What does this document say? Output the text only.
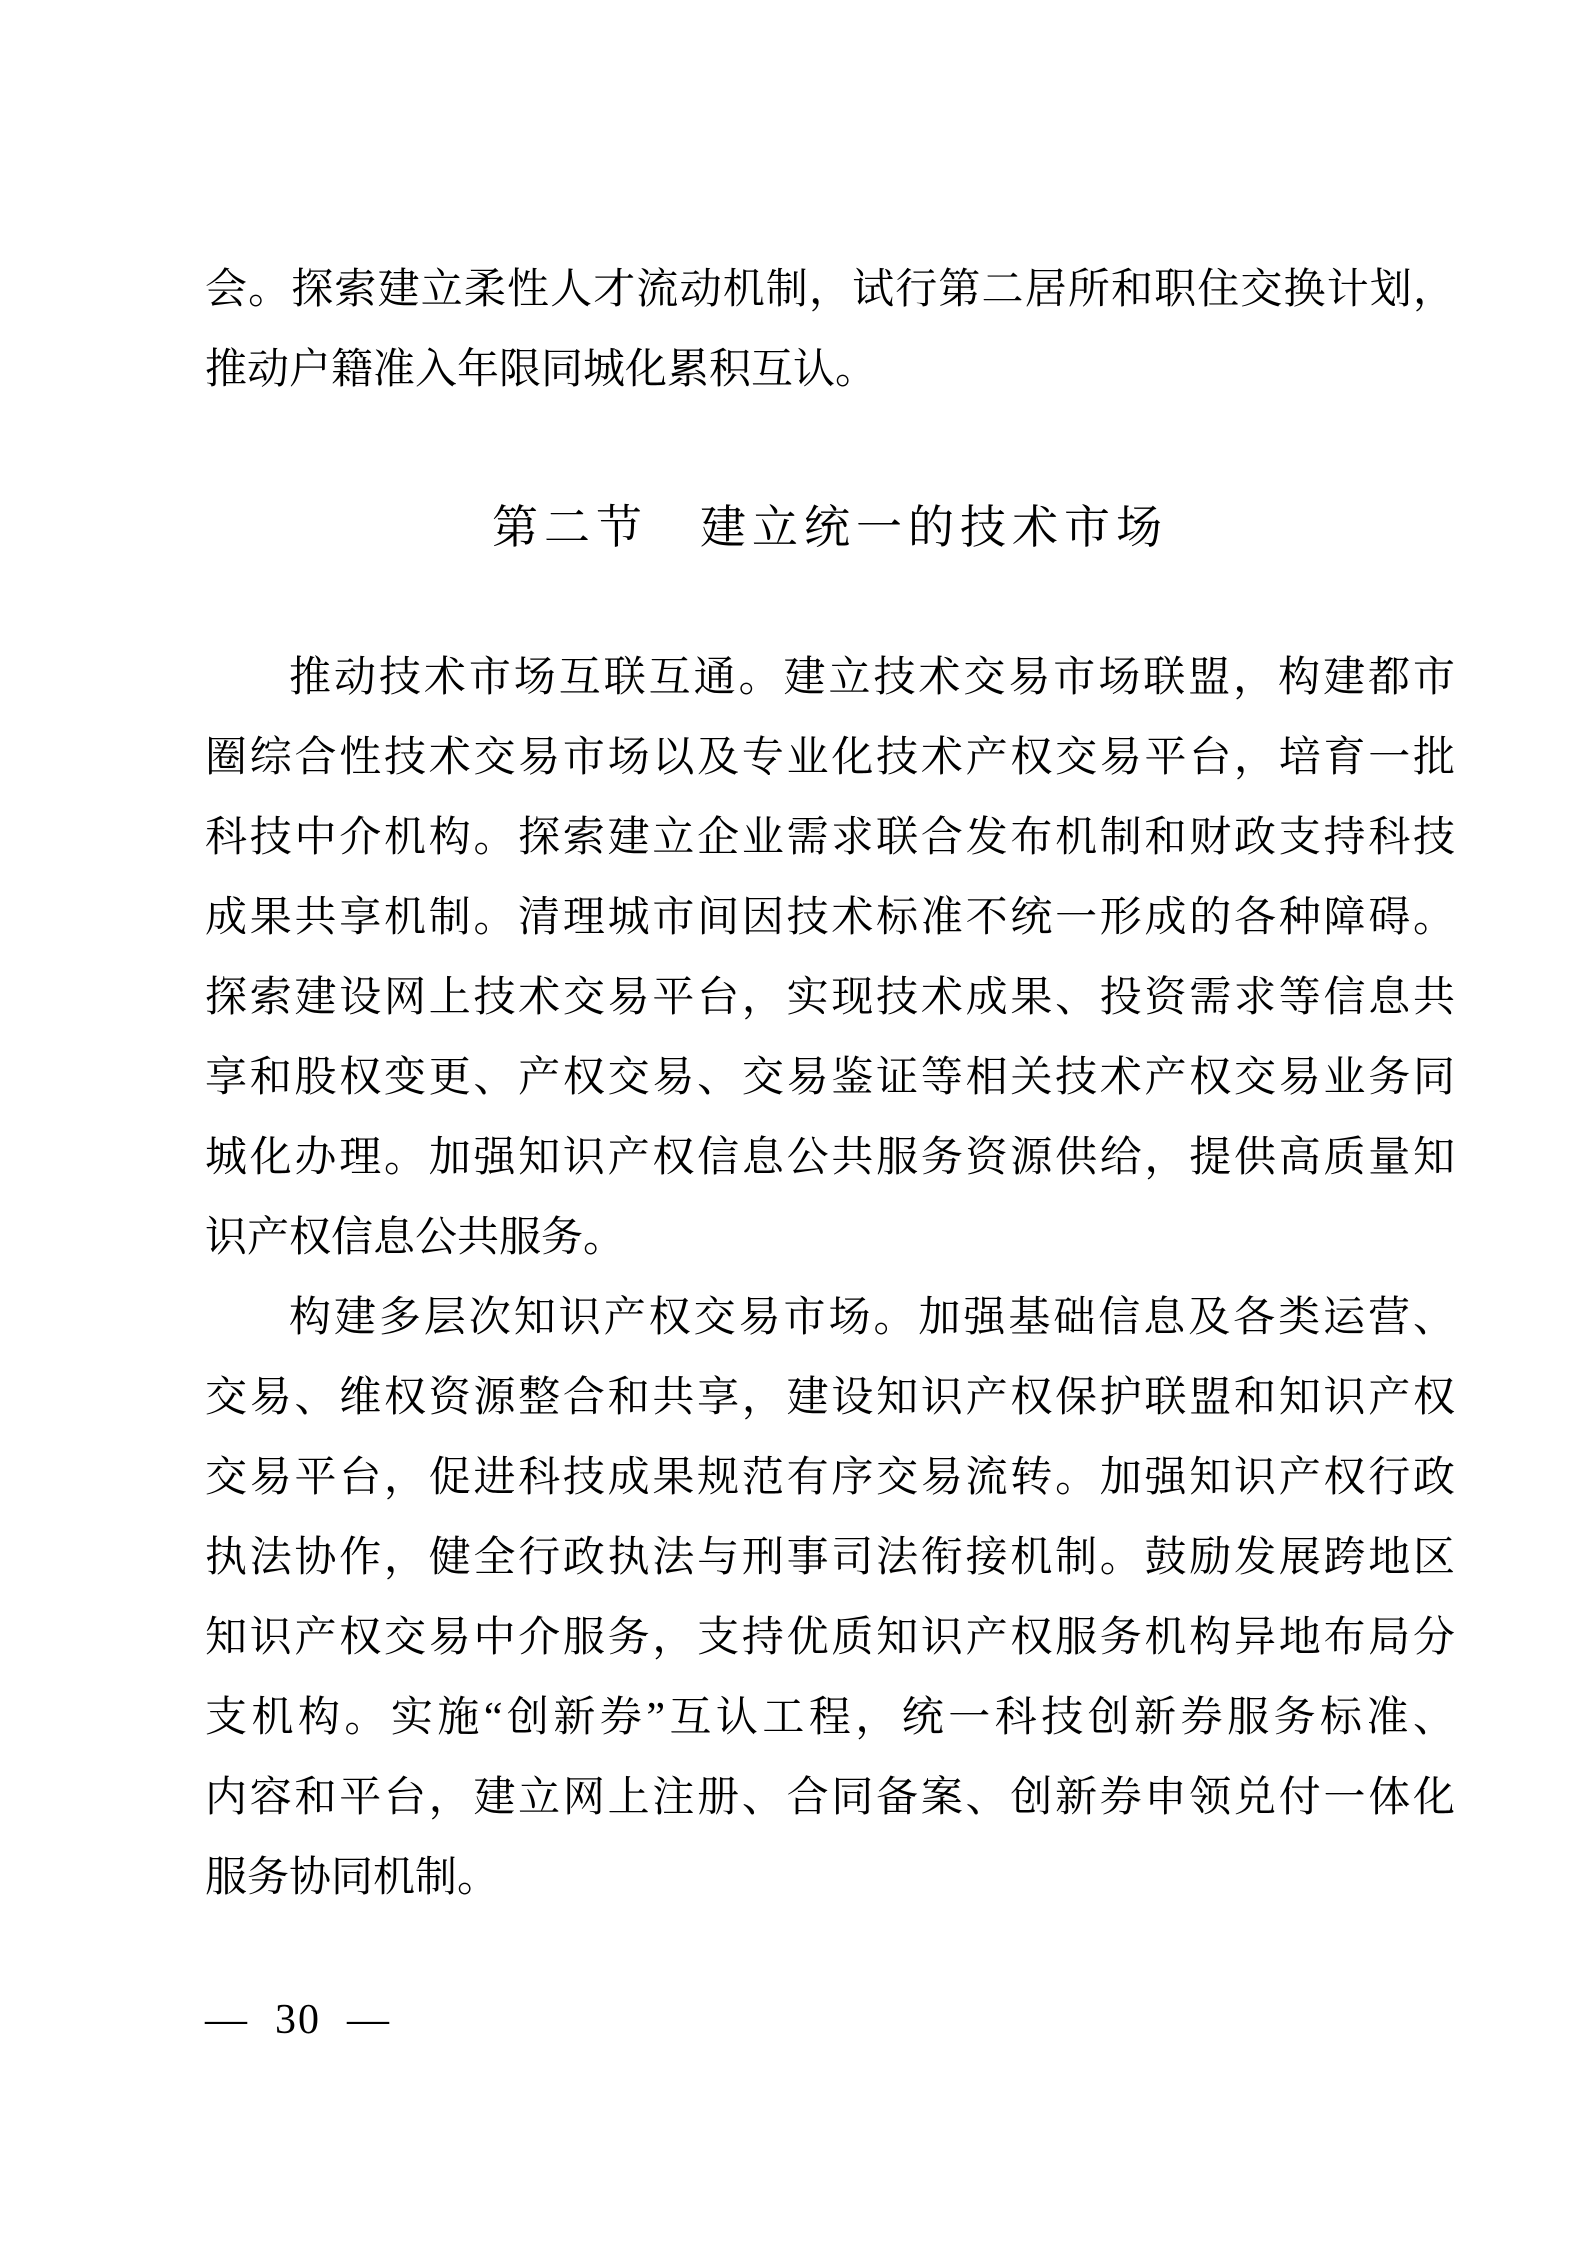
会。探索建立柔性人才流动机制，试行第二居所和职住交换计划，
推动户籍准入年限同城化累积互认。
第二节 建立统一的技术市场
推动技术市场互联互通。建立技术交易市场联盟，构建都市
圈综合性技术交易市场以及专业化技术产权交易平台，培育一批
科技中介机构。探索建立企业需求联合发布机制和财政支持科技
成果共享机制。清理城市间因技术标准不统一形成的各种障碍。
探索建设网上技术交易平台，实现技术成果、投资需求等信息共
享和股权变更、产权交易、交易鉴证等相关技术产权交易业务同
城化办理。加强知识产权信息公共服务资源供给，提供高质量知
识产权信息公共服务。
构建多层次知识产权交易市场。加强基础信息及各类运营、
交易、维权资源整合和共享，建设知识产权保护联盟和知识产权
交易平台，促进科技成果规范有序交易流转。加强知识产权行政
执法协作，健全行政执法与刑事司法衔接机制。鼓励发展跨地区
知识产权交易中介服务，支持优质知识产权服务机构异地布局分
支机构。实施“创新券”互认工程，统一科技创新券服务标准、
内容和平台，建立网上注册、合同备案、创新券申领兑付一体化
服务协同机制。
— 30 —
